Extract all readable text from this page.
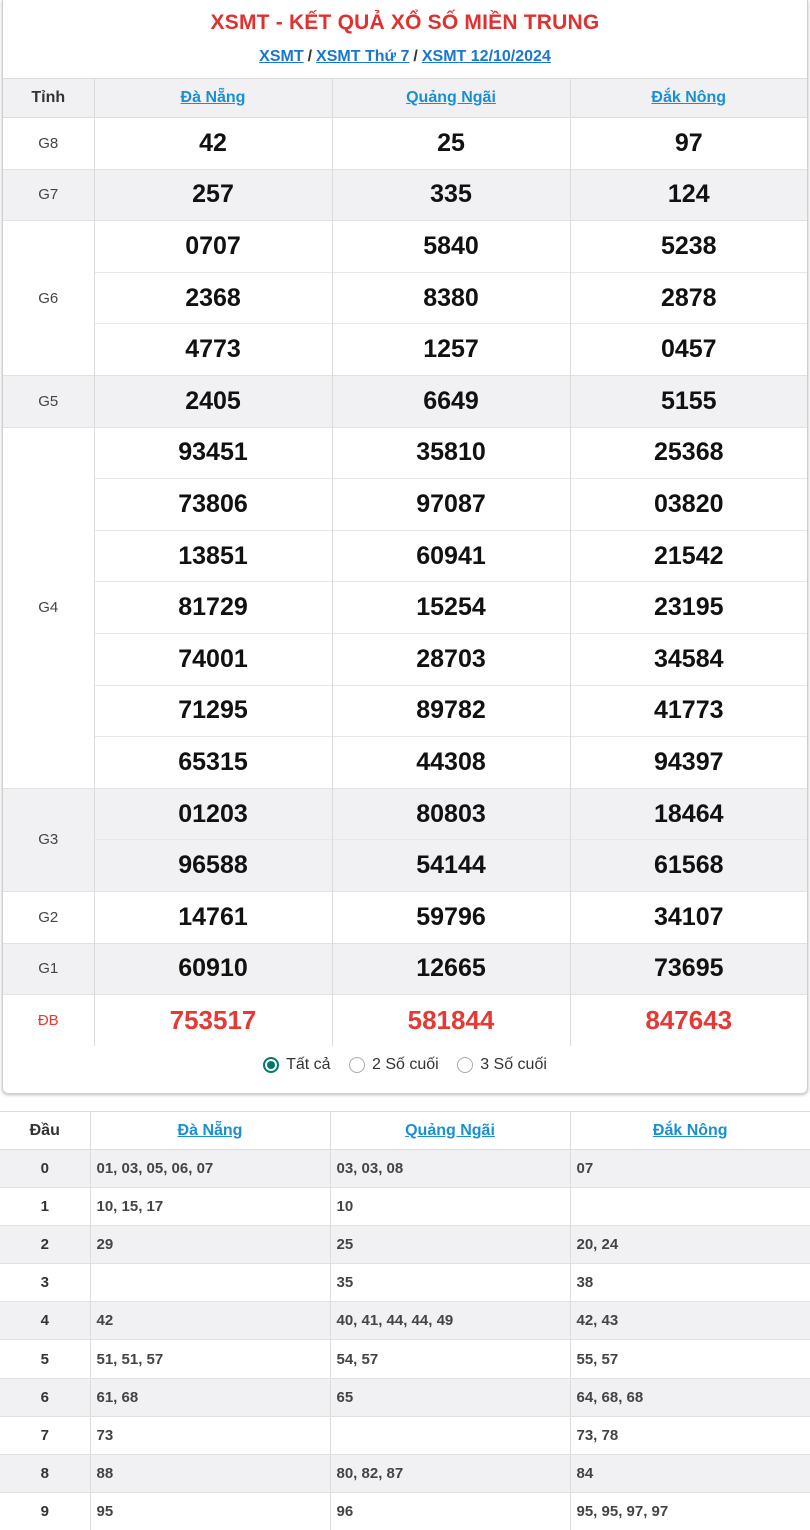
XSMT - KẾT QUẢ XỔ SỐ MIỀN TRUNG
XSMT / XSMT Thứ 7 / XSMT 12/10/2024
Tỉnh	Đà Nẵng	Quảng Ngãi	Đắk Nông
G8	42	25	97
G7	257	335	124
G6	0707	5840	5238
	2368	8380	2878
	4773	1257	0457
G5	2405	6649	5155
G4	93451	35810	25368
	73806	97087	03820
	13851	60941	21542
	81729	15254	23195
	74001	28703	34584
	71295	89782	41773
	65315	44308	94397
G3	01203	80803	18464
	96588	54144	61568
G2	14761	59796	34107
G1	60910	12665	73695
ĐB	753517	581844	847643
Tất cả
	2 Số cuối
	3 Số cuối
Đầu	Đà Nẵng	Quảng Ngãi	Đắk Nông
0	01, 03, 05, 06, 07	03, 03, 08	07
1	10, 15, 17	10	
2	29	25	20, 24
3		35	38
4	42	40, 41, 44, 44, 49	42, 43
5	51, 51, 57	54, 57	55, 57
6	61, 68	65	64, 68, 68
7	73		73, 78
8	88	80, 82, 87	84
9	95	96	95, 95, 97, 97
